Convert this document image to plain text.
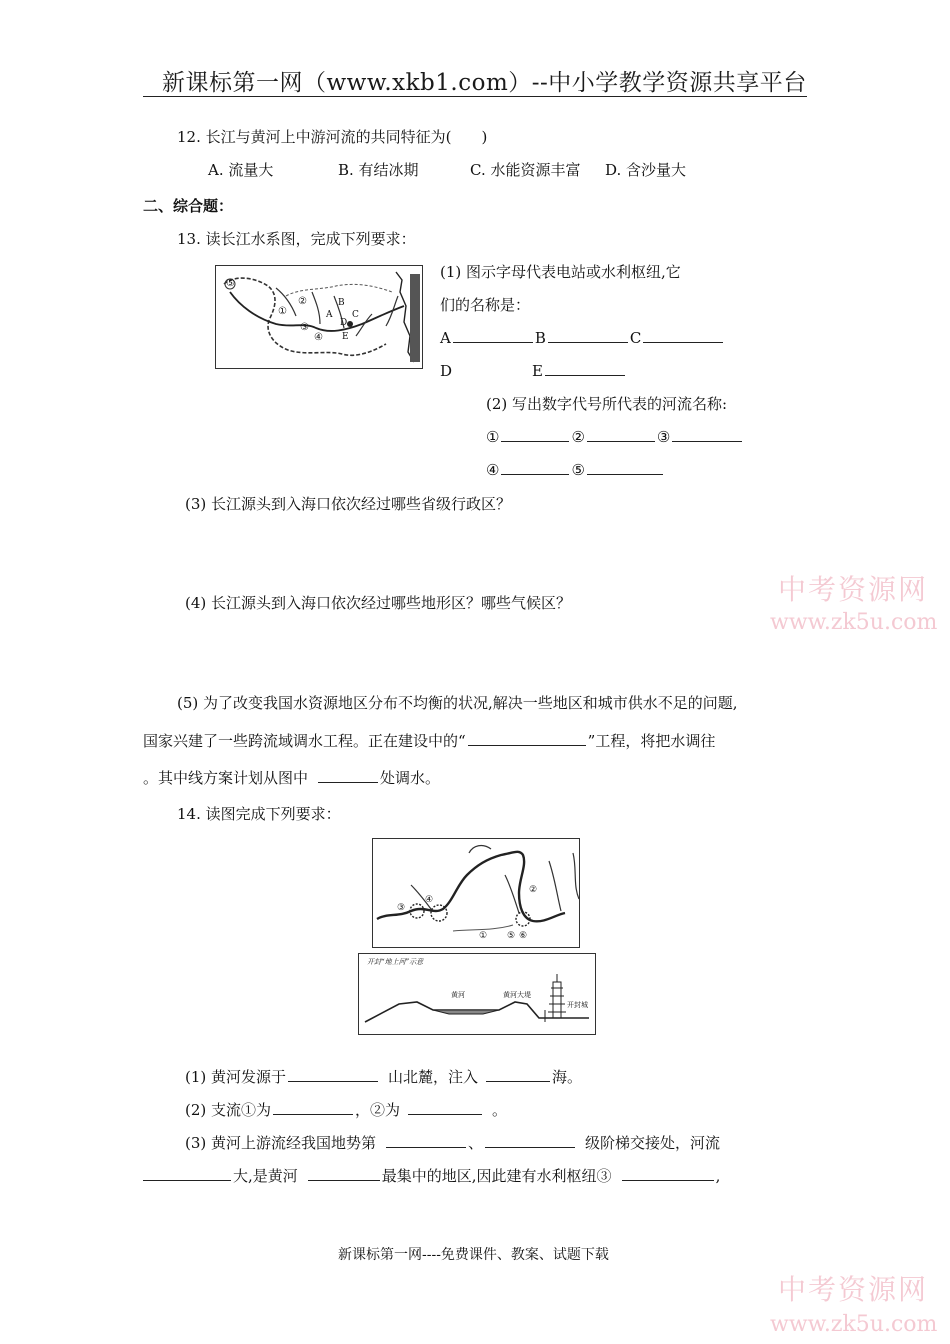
新课标第一网（www.xkb1.com）--中小学教学资源共享平台
12. 长江与黄河上中游河流的共同特征为(　　)
A. 流量大	B. 有结冰期	C. 水能资源丰富 D. 含沙量大
二、综合题：
13. 读长江水系图，完成下列要求：
B
C
D
E
A
①
②
③
④
⑤
(1) 图示字母代表电站或水利枢纽,它
们的名称是：
A	B	C
D	E
(2) 写出数字代号所代表的河流名称:
①	②	③
④	⑤
(3) 长江源头到入海口依次经过哪些省级行政区？
(4) 长江源头到入海口依次经过哪些地形区？哪些气候区？
(5) 为了改变我国水资源地区分布不均衡的状况,解决一些地区和城市供水不足的问题,
国家兴建了一些跨流域调水工程。正在建设中的“	”工程，将把水调往
。其中线方案计划从图中	处调水。
14. 读图完成下列要求：
①
②
③
④
⑤ ⑥
开封“地上河”示意
黄河	黄河大堤
开封城
(1) 黄河发源于	山北麓，注入	海。
(2) 支流①为	，②为	。
(3) 黄河上游流经我国地势第	、	级阶梯交接处，河流
大,是黄河	最集中的地区,因此建有水利枢纽③	,
中考资源网
www.zk5u.com
中考资源网
www.zk5u.com
新课标第一网----免费课件、教案、试题下载
